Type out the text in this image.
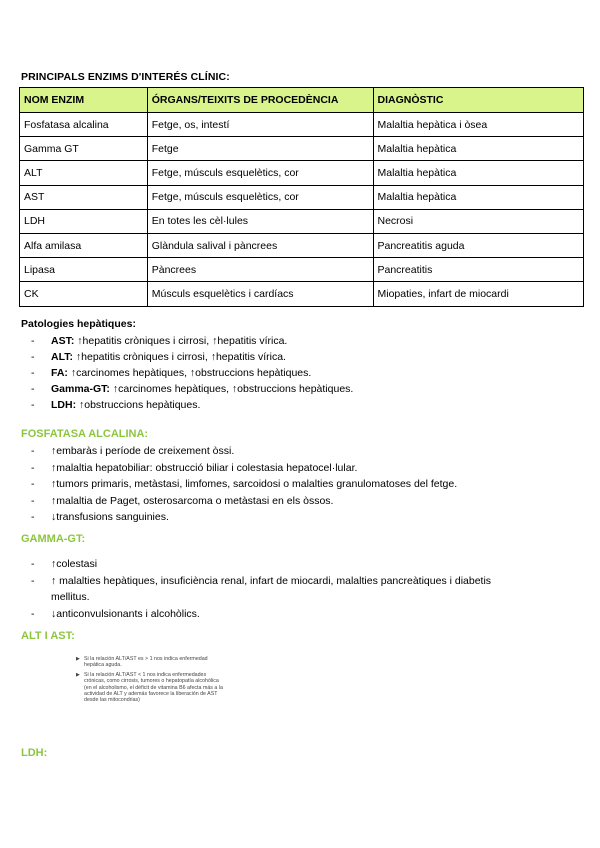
PRINCIPALS ENZIMS D'INTERÉS CLÍNIC:
NOM ENZIM	ÓRGANS/TEIXITS DE PROCEDÈNCIA	DIAGNÒSTIC
Fosfatasa alcalina	Fetge, os, intestí	Malaltia hepàtica i òsea
Gamma GT	Fetge	Malaltia hepàtica
ALT	Fetge, músculs esquelètics, cor	Malaltia hepàtica
AST	Fetge, músculs esquelètics, cor	Malaltia hepàtica
LDH	En totes les cèl·lules	Necrosi
Alfa amilasa	Glàndula salival i pàncrees	Pancreatitis aguda
Lipasa	Pàncrees	Pancreatitis
CK	Músculs esquelètics i cardíacs	Miopaties, infart de miocardi
Patologies hepàtiques:
- AST: ↑hepatitis cròniques i cirrosi, ↑hepatitis vírica.
- ALT: ↑hepatitis cròniques i cirrosi, ↑hepatitis vírica.
- FA: ↑carcinomes hepàtiques, ↑obstruccions hepàtiques.
- Gamma-GT: ↑carcinomes hepàtiques, ↑obstruccions hepàtiques.
- LDH: ↑obstruccions hepàtiques.
FOSFATASA ALCALINA:
- ↑embaràs i període de creixement òssi.
- ↑malaltia hepatobiliar: obstrucció biliar i colestasia hepatocel·lular.
- ↑tumors primaris, metàstasi, limfomes, sarcoidosi o malalties granulomatoses del fetge.
- ↑malaltia de Paget, osterosarcoma o metàstasi en els òssos.
- ↓transfusions sanguinies.
GAMMA-GT:
- ↑colestasi
- ↑ malalties hepàtiques, insuficiència renal, infart de miocardi, malalties pancreàtiques i diabetis mellitus.
- ↓anticonvulsionants i alcohòlics.
ALT I AST:
▶ Si la relación ALT/AST es > 1 nos indica enfermedad hepática aguda.
▶ Si la relación ALT/AST < 1 nos indica enfermedades crónicas, como cirrosis, tumores o hepatopatía alcohólica (en el alcoholismo, el déficit de vitamina B6 afecta más a la actividad de ALT y además favorece la liberación de AST desde las mitocondrias)
LDH:
